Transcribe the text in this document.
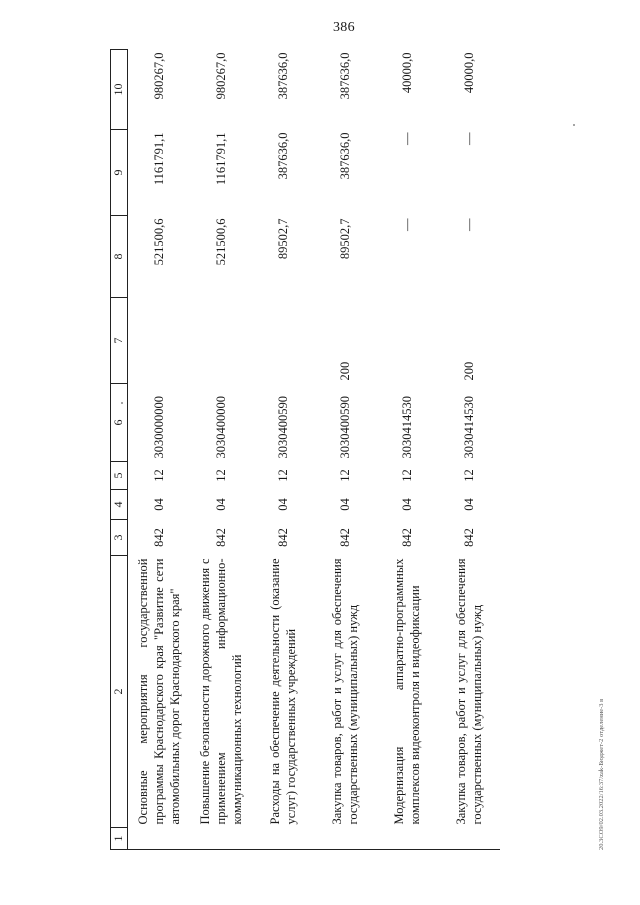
386
20.3СО9/02.03.2022/16:37/zak-Бюджет-2 отделение-3 в
1	2	3	4	5	6	7	8	9	10
	Основные мероприятия государственной программы Краснодарского края "Развитие сети автомобильных дорог Краснодарского края"	842	04	12	3030000000		521500,6	1161791,1	980267,0
	Повышение безопасности дорожного движения с применением информационно-коммуникационных технологий	842	04	12	3030400000		521500,6	1161791,1	980267,0
	Расходы на обеспечение деятельности (оказание услуг) государственных учреждений	842	04	12	3030400590		89502,7	387636,0	387636,0
	Закупка товаров, работ и услуг для обеспечения государственных (муниципальных) нужд	842	04	12	3030400590	200	89502,7	387636,0	387636,0
	Модернизация аппаратно-программных комплексов видеоконтроля и видеофиксации	842	04	12	3030414530		—	—	40000,0
	Закупка товаров, работ и услуг для обеспечения государственных (муниципальных) нужд	842	04	12	3030414530	200	—	—	40000,0
